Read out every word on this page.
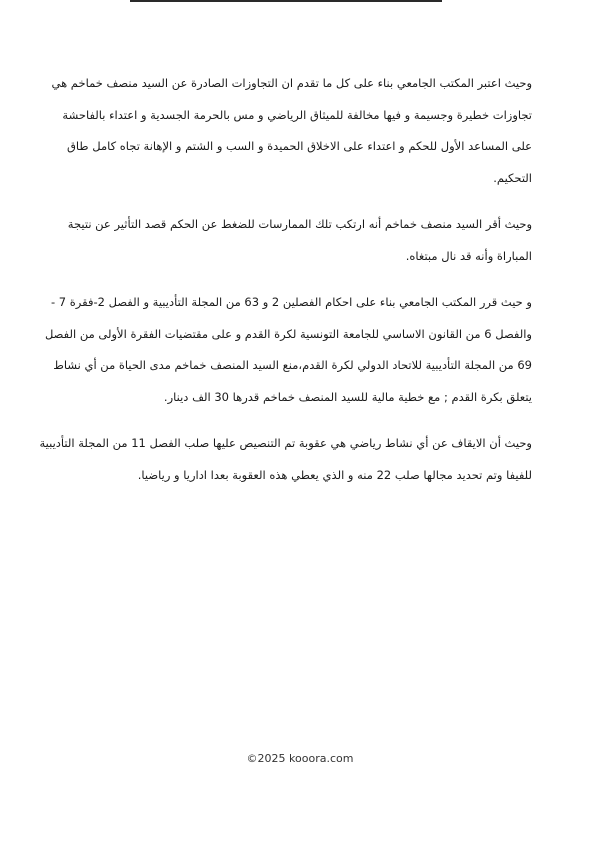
وحيث اعتبر المكتب الجامعي بناء على كل ما تقدم ان التجاوزات الصادرة عن السيد منصف خماخم هي
تجاوزات خطيرة وجسيمة و فيها مخالفة للميثاق الرياضي و مس بالحرمة الجسدية و اعتداء بالفاحشة
على المساعد الأول للحكم و اعتداء على الاخلاق الحميدة و السب و الشتم و الإهانة تجاه كامل طاق
التحكيم.
وحيث أقر السيد منصف خماخم أنه ارتكب تلك الممارسات للضغط عن الحكم قصد التأثير عن نتيجة
المباراة وأنه قد نال مبتغاه.
و حيث قرر المكتب الجامعي بناء على احكام الفصلين 2 و 63 من المجلة التأديبية و الفصل 2-فقرة 7 -
والفصل 6 من القانون الاساسي للجامعة التونسية لكرة القدم و على مقتضيات الفقرة الأولى من الفصل
69 من المجلة التأديبية للاتحاد الدولي لكرة القدم،منع السيد المنصف خماخم مدى الحياة من أي نشاط
يتعلق بكرة القدم ; مع خطية مالية للسيد المنصف خماخم قدرها 30 الف دينار.
وحيث أن الايقاف عن أي نشاط رياضي هي عقوبة تم التنصيص عليها صلب الفصل 11 من المجلة التأديبية
للفيفا وتم تحديد مجالها صلب 22 منه و الذي يعطي هذه العقوبة بعدا اداريا و رياضيا.
©2025 kooora.com
